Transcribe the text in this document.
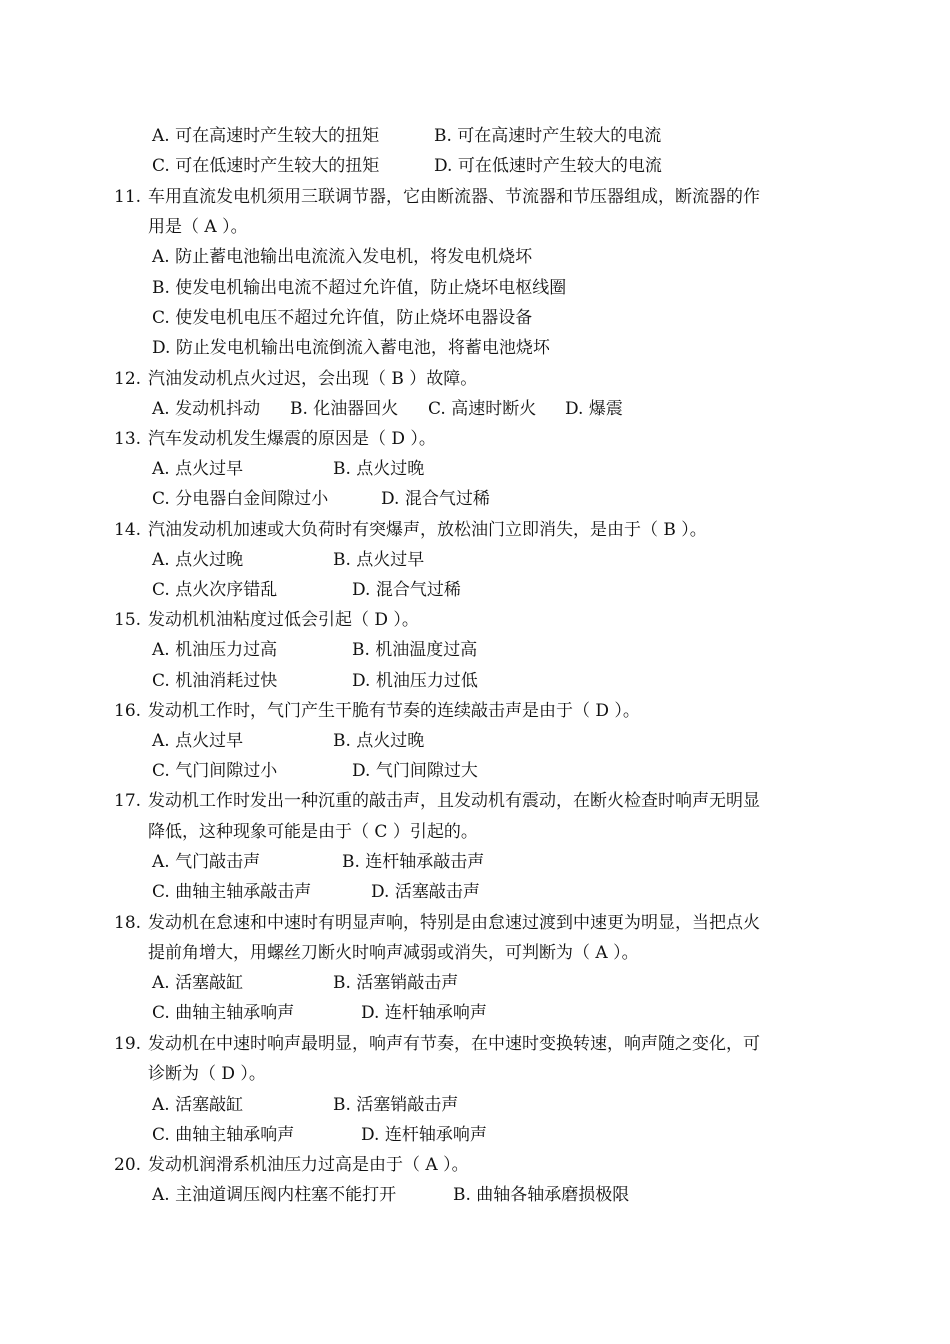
A. 可在高速时产生较大的扭矩	B. 可在高速时产生较大的电流
C. 可在低速时产生较大的扭矩	D. 可在低速时产生较大的电流
11. 车用直流发电机须用三联调节器，它由断流器、节流器和节压器组成，断流器的作
用是（ A ）。
A. 防止蓄电池输出电流流入发电机，将发电机烧坏
B. 使发电机输出电流不超过允许值，防止烧坏电枢线圈
C. 使发电机电压不超过允许值，防止烧坏电器设备
D. 防止发电机输出电流倒流入蓄电池，将蓄电池烧坏
12. 汽油发动机点火过迟，会出现（ B ）故障。
A. 发动机抖动 B. 化油器回火 C. 高速时断火 D. 爆震
13. 汽车发动机发生爆震的原因是（ D ）。
A. 点火过早	B. 点火过晚
C. 分电器白金间隙过小	D. 混合气过稀
14. 汽油发动机加速或大负荷时有突爆声，放松油门立即消失，是由于（ B ）。
A. 点火过晚	B. 点火过早
C. 点火次序错乱	D. 混合气过稀
15. 发动机机油粘度过低会引起（ D ）。
A. 机油压力过高	B. 机油温度过高
C. 机油消耗过快	D. 机油压力过低
16. 发动机工作时，气门产生干脆有节奏的连续敲击声是由于（ D ）。
A. 点火过早	B. 点火过晚
C. 气门间隙过小	D. 气门间隙过大
17. 发动机工作时发出一种沉重的敲击声，且发动机有震动，在断火检查时响声无明显
降低，这种现象可能是由于（ C ）引起的。
A. 气门敲击声	B. 连杆轴承敲击声
C. 曲轴主轴承敲击声	D. 活塞敲击声
18. 发动机在怠速和中速时有明显声响，特别是由怠速过渡到中速更为明显，当把点火
提前角增大，用螺丝刀断火时响声减弱或消失，可判断为（ A ）。
A. 活塞敲缸	B. 活塞销敲击声
C. 曲轴主轴承响声	D. 连杆轴承响声
19. 发动机在中速时响声最明显，响声有节奏，在中速时变换转速，响声随之变化，可
诊断为（ D ）。
A. 活塞敲缸	B. 活塞销敲击声
C. 曲轴主轴承响声	D. 连杆轴承响声
20. 发动机润滑系机油压力过高是由于（ A ）。
A. 主油道调压阀内柱塞不能打开	B. 曲轴各轴承磨损极限
